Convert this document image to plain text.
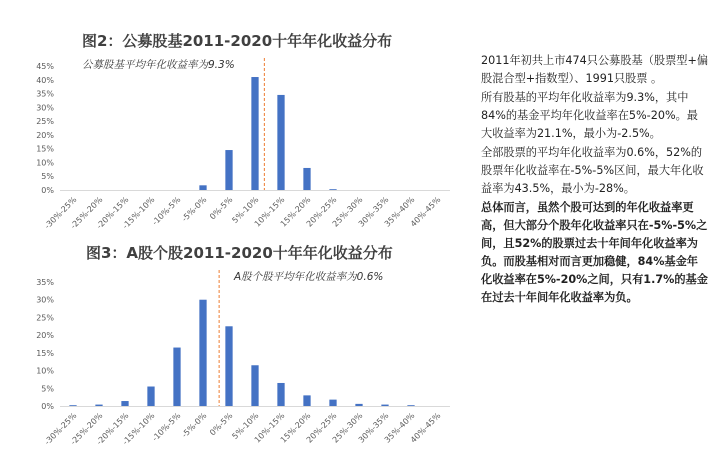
图2：公募股基2011-2020十年年化收益分布
0%
5%
10%
15%
20%
25%
30%
35%
40%
45%
-30%-25%
-25%-20%
-20%-15%
-15%-10%
-10%-5%
-5%-0% 0%-5%
5%-10%
10%-15%
15%-20%
20%-25%
25%-30%
30%-35%
35%-40%
40%-45%
公募股基平均年化收益率为9.3%
图3：A股个股2011-2020十年年化收益分布
0%
5%
10%
15%
20%
25%
30%
35%
-30%-25%
-25%-20%
-20%-15%
-15%-10%
-10%-5%
-5%-0% 0%-5%
5%-10%
10%-15%
15%-20%
20%-25%
25%-30%
30%-35%
35%-40%
40%-45%
A股个股平均年化收益率为0.6%

2011年初共上市474只公募股基（股票型+偏股混合型+指数型）、1991只股票 。

所有股基的平均年化收益率为9.3%，其中84%的基金平均年化收益率在5%-20%。最大收益率为21.1%，最小为-2.5%。

全部股票的平均年化收益率为0.6%，52%的股票年化收益率在-5%-5%区间，最大年化收益率为43.5%，最小为-28%。

总体而言，虽然个股可达到的年化收益率更高，但大部分个股年化收益率只在-5%-5%之间，且52%的股票过去十年间年化收益率为负。而股基相对而言更加稳健，84%基金年化收益率在5%-20%之间，只有1.7%的基金在过去十年间年化收益率为负。
